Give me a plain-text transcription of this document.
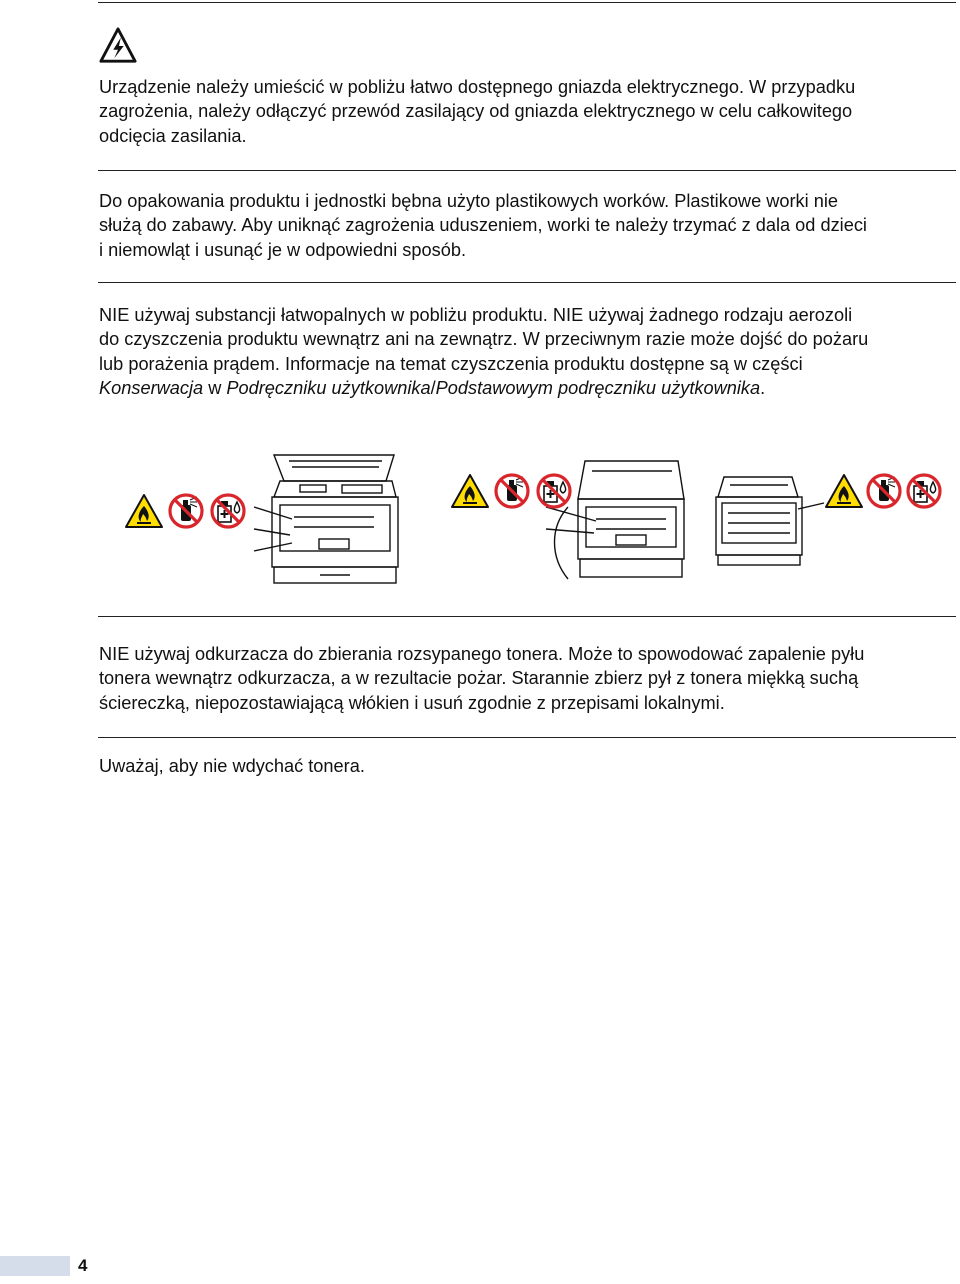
Urządzenie należy umieścić w pobliżu łatwo dostępnego gniazda elektrycznego. W przypadku
zagrożenia, należy odłączyć przewód zasilający od gniazda elektrycznego w celu całkowitego
odcięcia zasilania.

Do opakowania produktu i jednostki bębna użyto plastikowych worków. Plastikowe worki nie
służą do zabawy. Aby uniknąć zagrożenia uduszeniem, worki te należy trzymać z dala od dzieci
i niemowląt i usunąć je w odpowiedni sposób.

NIE używaj substancji łatwopalnych w pobliżu produktu. NIE używaj żadnego rodzaju aerozoli
do czyszczenia produktu wewnątrz ani na zewnątrz. W przeciwnym razie może dojść do pożaru
lub porażenia prądem. Informacje na temat czyszczenia produktu dostępne są w części
Konserwacja w Podręczniku użytkownika/Podstawowym podręczniku użytkownika.

NIE używaj odkurzacza do zbierania rozsypanego tonera. Może to spowodować zapalenie pyłu
tonera wewnątrz odkurzacza, a w rezultacie pożar. Starannie zbierz pył z tonera miękką suchą
ściereczką, niepozostawiającą włókien i usuń zgodnie z przepisami lokalnymi.

Uważaj, aby nie wdychać tonera.

4
